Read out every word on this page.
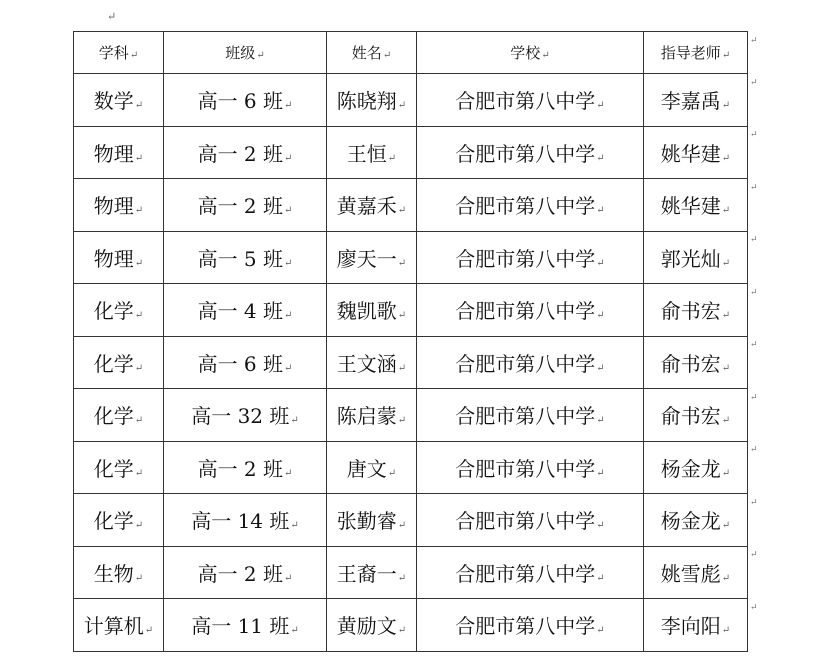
↵
学科↵	班级↵	姓名↵	学校↵	指导老师↵
数学↵	高一 6 班↵	陈晓翔↵	合肥市第八中学↵	李嘉禹↵
物理↵	高一 2 班↵	王恒↵	合肥市第八中学↵	姚华建↵
物理↵	高一 2 班↵	黄嘉禾↵	合肥市第八中学↵	姚华建↵
物理↵	高一 5 班↵	廖天一↵	合肥市第八中学↵	郭光灿↵
化学↵	高一 4 班↵	魏凯歌↵	合肥市第八中学↵	俞书宏↵
化学↵	高一 6 班↵	王文涵↵	合肥市第八中学↵	俞书宏↵
化学↵	高一 32 班↵	陈启蒙↵	合肥市第八中学↵	俞书宏↵
化学↵	高一 2 班↵	唐文↵	合肥市第八中学↵	杨金龙↵
化学↵	高一 14 班↵	张勤睿↵	合肥市第八中学↵	杨金龙↵
生物↵	高一 2 班↵	王裔一↵	合肥市第八中学↵	姚雪彪↵
计算机↵	高一 11 班↵	黄励文↵	合肥市第八中学↵	李向阳↵
↵
↵
↵
↵
↵
↵
↵
↵
↵
↵
↵
↵
